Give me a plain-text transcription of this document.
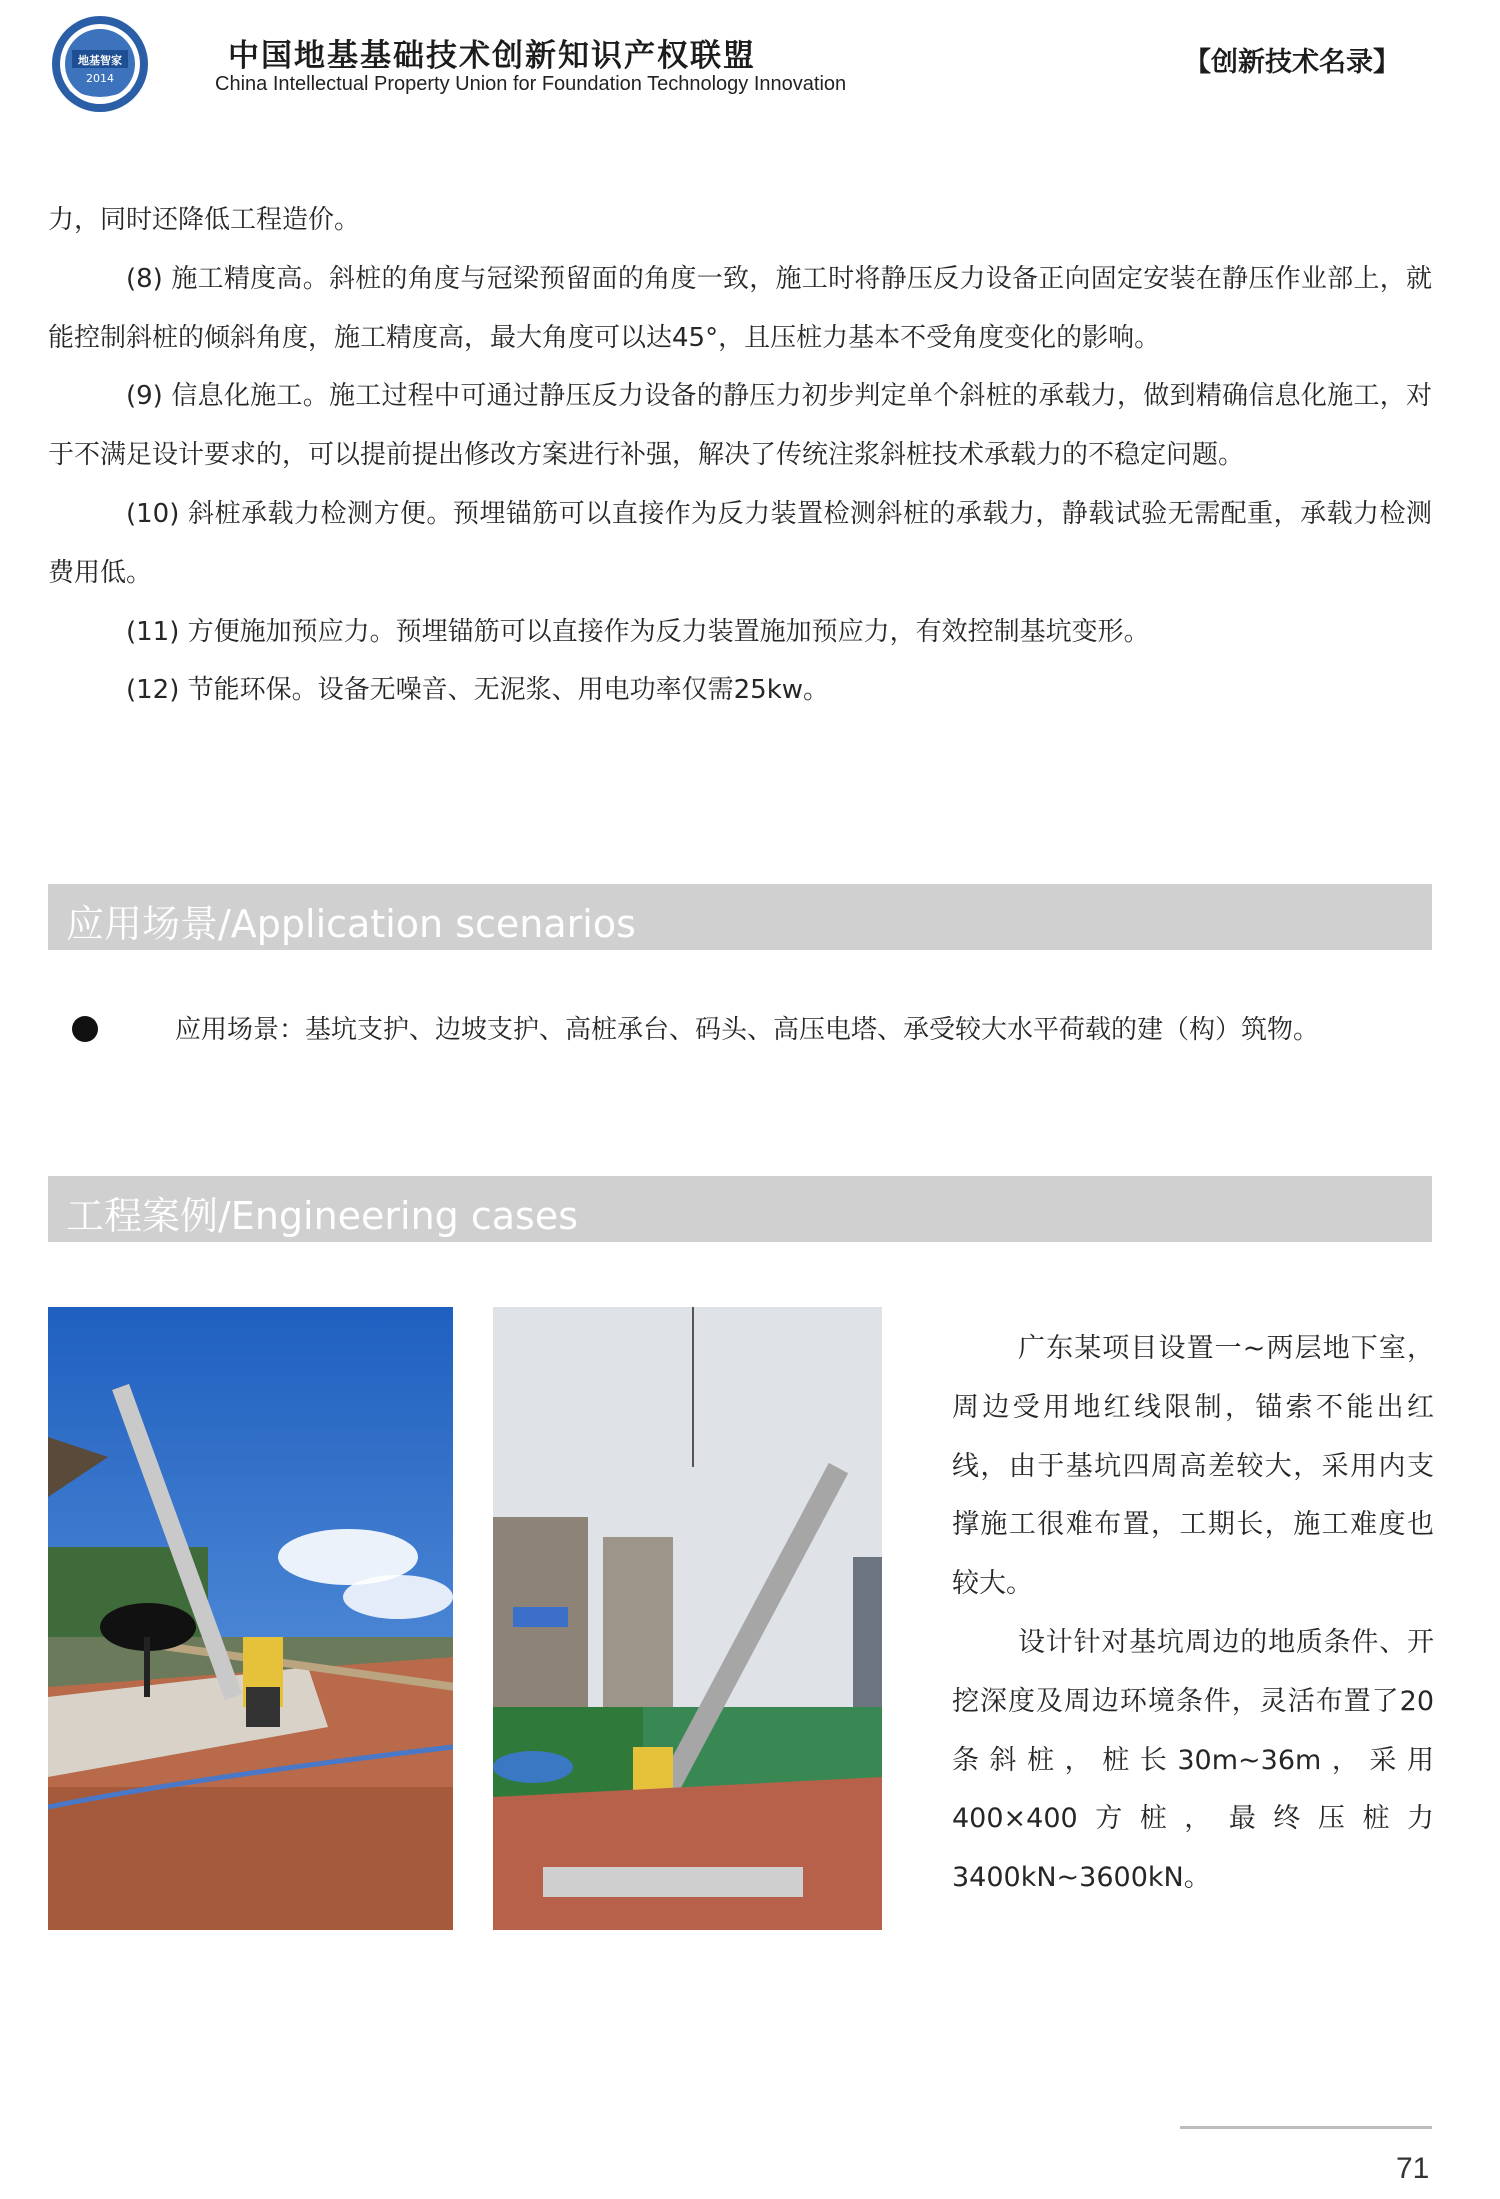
地基智家
2014
中国地基基础技术创新知识产权联盟
China Intellectual Property Union for Foundation Technology Innovation
【创新技术名录】

力，同时还降低工程造价。

(8) 施工精度高。斜桩的角度与冠梁预留面的角度一致，施工时将静压反力设备正向固定安装在静压作业部上，就能控制斜桩的倾斜角度，施工精度高，最大角度可以达45°，且压桩力基本不受角度变化的影响。

(9) 信息化施工。施工过程中可通过静压反力设备的静压力初步判定单个斜桩的承载力，做到精确信息化施工，对于不满足设计要求的，可以提前提出修改方案进行补强，解决了传统注浆斜桩技术承载力的不稳定问题。

(10) 斜桩承载力检测方便。预埋锚筋可以直接作为反力装置检测斜桩的承载力，静载试验无需配重，承载力检测费用低。

(11) 方便施加预应力。预埋锚筋可以直接作为反力装置施加预应力，有效控制基坑变形。

(12) 节能环保。设备无噪音、无泥浆、用电功率仅需25kw。

应用场景/Application scenarios

应用场景：基坑支护、边坡支护、高桩承台、码头、高压电塔、承受较大水平荷载的建（构）筑物。

工程案例/Engineering cases

广东某项目设置一~两层地下室，周边受用地红线限制，锚索不能出红线，由于基坑四周高差较大，采用内支撑施工很难布置，工期长，施工难度也较大。

设计针对基坑周边的地质条件、开挖深度及周边环境条件，灵活布置了20条斜桩，桩长30m~36m，采用400×400方桩，最终压桩力3400kN~3600kN。

71
